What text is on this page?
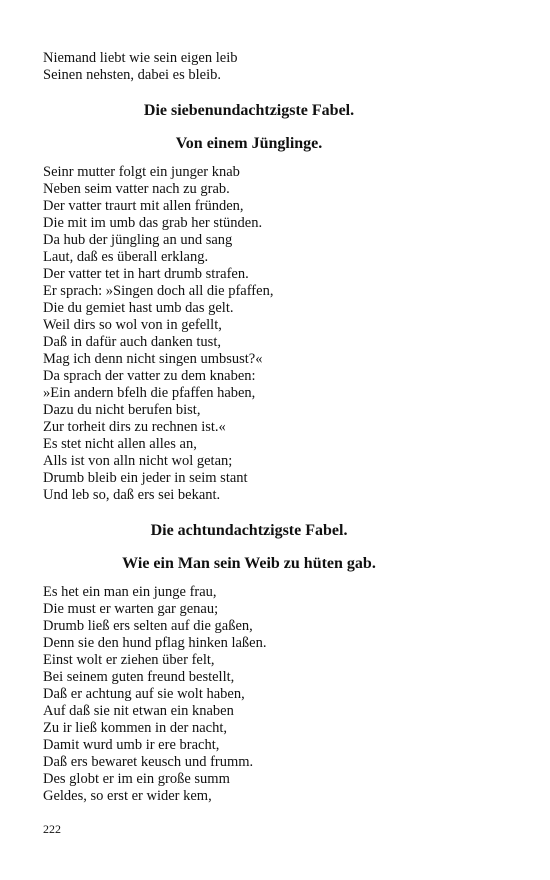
Niemand liebt wie sein eigen leib
Seinen nehsten, dabei es bleib.
Die siebenundachtzigste Fabel.
Von einem Jünglinge.
Seinr mutter folgt ein junger knab
Neben seim vatter nach zu grab.
Der vatter traurt mit allen fründen,
Die mit im umb das grab her stünden.
Da hub der jüngling an und sang
Laut, daß es überall erklang.
Der vatter tet in hart drumb strafen.
Er sprach: »Singen doch all die pfaffen,
Die du gemiet hast umb das gelt.
Weil dirs so wol von in gefellt,
Daß in dafür auch danken tust,
Mag ich denn nicht singen umbsust?«
Da sprach der vatter zu dem knaben:
»Ein andern bfelh die pfaffen haben,
Dazu du nicht berufen bist,
Zur torheit dirs zu rechnen ist.«
Es stet nicht allen alles an,
Alls ist von alln nicht wol getan;
Drumb bleib ein jeder in seim stant
Und leb so, daß ers sei bekant.
Die achtundachtzigste Fabel.
Wie ein Man sein Weib zu hüten gab.
Es het ein man ein junge frau,
Die must er warten gar genau;
Drumb ließ ers selten auf die gaßen,
Denn sie den hund pflag hinken laßen.
Einst wolt er ziehen über felt,
Bei seinem guten freund bestellt,
Daß er achtung auf sie wolt haben,
Auf daß sie nit etwan ein knaben
Zu ir ließ kommen in der nacht,
Damit wurd umb ir ere bracht,
Daß ers bewaret keusch und frumm.
Des globt er im ein große summ
Geldes, so erst er wider kem,
222
